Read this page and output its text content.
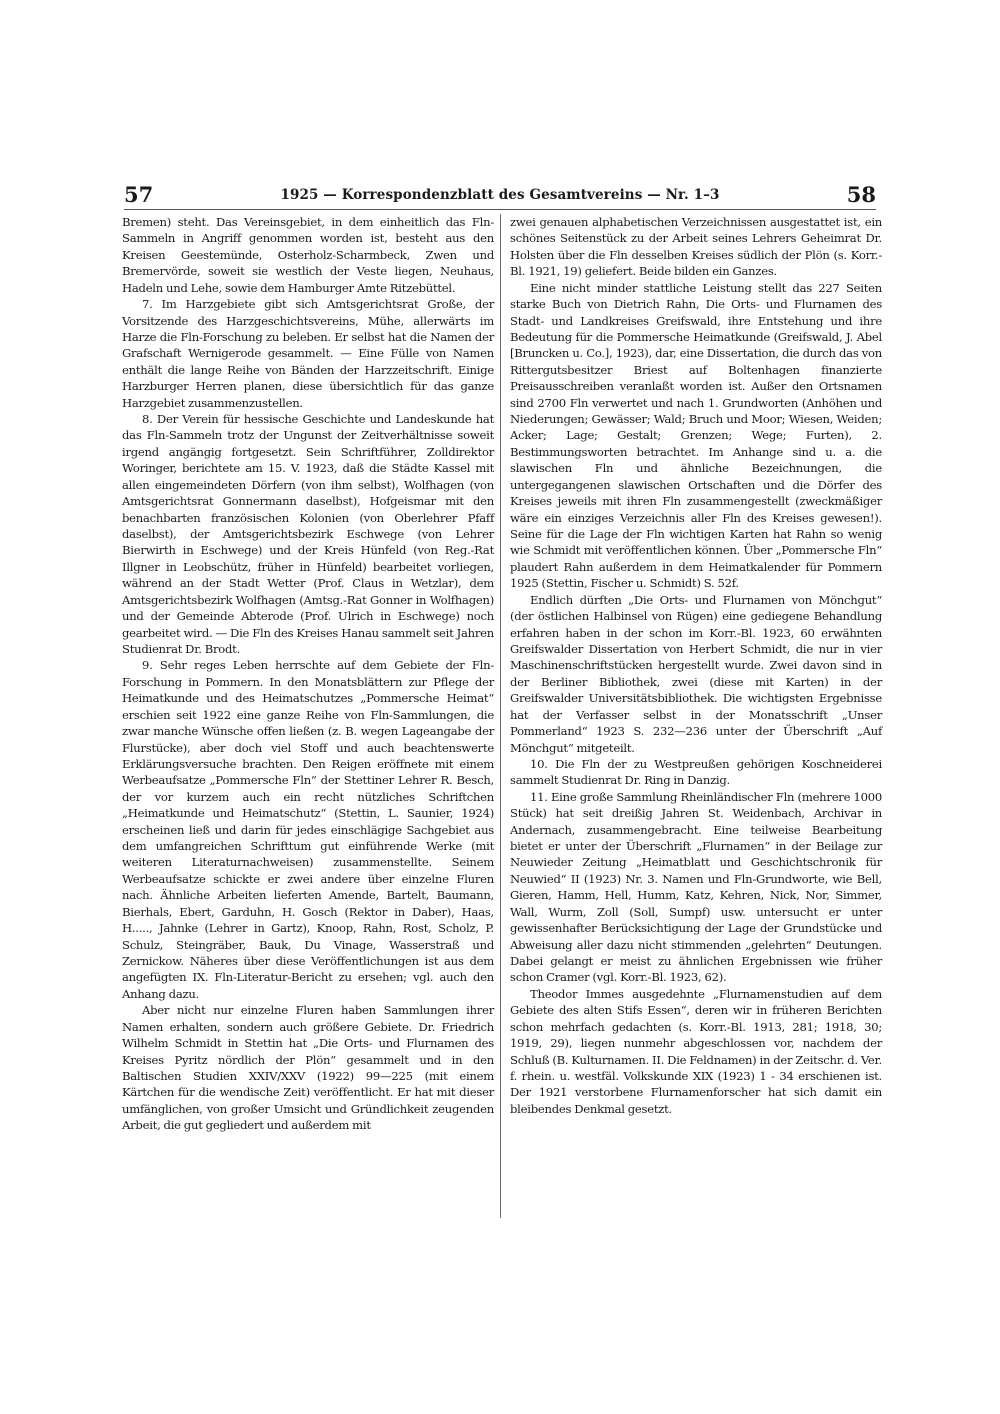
57	1925 — Korrespondenzblatt des Gesamtvereins — Nr. 1–3	58

Bremen) steht. Das Vereinsgebiet, in dem einheitlich das Fln-Sammeln in Angriff genommen worden ist, besteht aus den Kreisen Geestemünde, Osterholz-Scharmbeck, Zwen und Bremervörde, soweit sie westlich der Veste liegen, Neuhaus, Hadeln und Lehe, sowie dem Hamburger Amte Ritzebüttel.

7. Im Harzgebiete gibt sich Amtsgerichtsrat Große, der Vorsitzende des Harzgeschichtsvereins, Mühe, allerwärts im Harze die Fln-Forschung zu beleben. Er selbst hat die Namen der Grafschaft Wernigerode gesammelt. — Eine Fülle von Namen enthält die lange Reihe von Bänden der Harzzeitschrift. Einige Harzburger Herren planen, diese übersichtlich für das ganze Harzgebiet zusammenzustellen.

8. Der Verein für hessische Geschichte und Landeskunde hat das Fln-Sammeln trotz der Ungunst der Zeitverhältnisse soweit irgend angängig fortgesetzt. Sein Schriftführer, Zolldirektor Woringer, berichtete am 15. V. 1923, daß die Städte Kassel mit allen eingemeindeten Dörfern (von ihm selbst), Wolfhagen (von Amtsgerichtsrat Gonnermann daselbst), Hofgeismar mit den benachbarten französischen Kolonien (von Oberlehrer Pfaff daselbst), der Amtsgerichtsbezirk Eschwege (von Lehrer Bierwirth in Eschwege) und der Kreis Hünfeld (von Reg.-Rat Illgner in Leobschütz, früher in Hünfeld) bearbeitet vorliegen, während an der Stadt Wetter (Prof. Claus in Wetzlar), dem Amtsgerichtsbezirk Wolfhagen (Amtsg.-Rat Gonner in Wolfhagen) und der Gemeinde Abterode (Prof. Ulrich in Eschwege) noch gearbeitet wird. — Die Fln des Kreises Hanau sammelt seit Jahren Studienrat Dr. Brodt.

9. Sehr reges Leben herrschte auf dem Gebiete der Fln-Forschung in Pommern. In den Monatsblättern zur Pflege der Heimatkunde und des Heimatschutzes „Pommersche Heimat“ erschien seit 1922 eine ganze Reihe von Fln-Sammlungen, die zwar manche Wünsche offen ließen (z. B. wegen Lageangabe der Flurstücke), aber doch viel Stoff und auch beachtenswerte Erklärungsversuche brachten. Den Reigen eröffnete mit einem Werbeaufsatze „Pommersche Fln“ der Stettiner Lehrer R. Besch, der vor kurzem auch ein recht nützliches Schriftchen „Heimatkunde und Heimatschutz“ (Stettin, L. Saunier, 1924) erscheinen ließ und darin für jedes einschlägige Sachgebiet aus dem umfangreichen Schrifttum gut einführende Werke (mit weiteren Literaturnachweisen) zusammenstellte. Seinem Werbeaufsatze schickte er zwei andere über einzelne Fluren nach. Ähnliche Arbeiten lieferten Amende, Bartelt, Baumann, Bierhals, Ebert, Garduhn, H. Gosch (Rektor in Daber), Haas, H....., Jahnke (Lehrer in Gartz), Knoop, Rahn, Rost, Scholz, P. Schulz, Steingräber, Bauk, Du Vinage, Wasserstraß und Zernickow. Näheres über diese Veröffentlichungen ist aus dem angefügten IX. Fln-Literatur-Bericht zu ersehen; vgl. auch den Anhang dazu.

Aber nicht nur einzelne Fluren haben Sammlungen ihrer Namen erhalten, sondern auch größere Gebiete. Dr. Friedrich Wilhelm Schmidt in Stettin hat „Die Orts- und Flurnamen des Kreises Pyritz nördlich der Plön“ gesammelt und in den Baltischen Studien XXIV/XXV (1922) 99—225 (mit einem Kärtchen für die wendische Zeit) veröffentlicht. Er hat mit dieser umfänglichen, von großer Umsicht und Gründlichkeit zeugenden Arbeit, die gut gegliedert und außerdem mit

zwei genauen alphabetischen Verzeichnissen ausgestattet ist, ein schönes Seitenstück zu der Arbeit seines Lehrers Geheimrat Dr. Holsten über die Fln desselben Kreises südlich der Plön (s. Korr.-Bl. 1921, 19) geliefert. Beide bilden ein Ganzes.

Eine nicht minder stattliche Leistung stellt das 227 Seiten starke Buch von Dietrich Rahn, Die Orts- und Flurnamen des Stadt- und Landkreises Greifswald, ihre Entstehung und ihre Bedeutung für die Pommersche Heimatkunde (Greifswald, J. Abel [Bruncken u. Co.], 1923), dar, eine Dissertation, die durch das von Rittergutsbesitzer Briest auf Boltenhagen finanzierte Preisausschreiben veranlaßt worden ist. Außer den Ortsnamen sind 2700 Fln verwertet und nach 1. Grundworten (Anhöhen und Niederungen; Gewässer; Wald; Bruch und Moor; Wiesen, Weiden; Acker; Lage; Gestalt; Grenzen; Wege; Furten), 2. Bestimmungsworten betrachtet. Im Anhange sind u. a. die slawischen Fln und ähnliche Bezeichnungen, die untergegangenen slawischen Ortschaften und die Dörfer des Kreises jeweils mit ihren Fln zusammengestellt (zweckmäßiger wäre ein einziges Verzeichnis aller Fln des Kreises gewesen!). Seine für die Lage der Fln wichtigen Karten hat Rahn so wenig wie Schmidt mit veröffentlichen können. Über „Pommersche Fln“ plaudert Rahn außerdem in dem Heimatkalender für Pommern 1925 (Stettin, Fischer u. Schmidt) S. 52f.

Endlich dürften „Die Orts- und Flurnamen von Mönchgut“ (der östlichen Halbinsel von Rügen) eine gediegene Behandlung erfahren haben in der schon im Korr.-Bl. 1923, 60 erwähnten Greifswalder Dissertation von Herbert Schmidt, die nur in vier Maschinenschriftstücken hergestellt wurde. Zwei davon sind in der Berliner Bibliothek, zwei (diese mit Karten) in der Greifswalder Universitätsbibliothek. Die wichtigsten Ergebnisse hat der Verfasser selbst in der Monatsschrift „Unser Pommerland“ 1923 S. 232—236 unter der Überschrift „Auf Mönchgut“ mitgeteilt.

10. Die Fln der zu Westpreußen gehörigen Koschneiderei sammelt Studienrat Dr. Ring in Danzig.

11. Eine große Sammlung Rheinländischer Fln (mehrere 1000 Stück) hat seit dreißig Jahren St. Weidenbach, Archivar in Andernach, zusammengebracht. Eine teilweise Bearbeitung bietet er unter der Überschrift „Flurnamen“ in der Beilage zur Neuwieder Zeitung „Heimatblatt und Geschichtschronik für Neuwied“ II (1923) Nr. 3. Namen und Fln-Grundworte, wie Bell, Gieren, Hamm, Hell, Humm, Katz, Kehren, Nick, Nor, Simmer, Wall, Wurm, Zoll (Soll, Sumpf) usw. untersucht er unter gewissenhafter Berücksichtigung der Lage der Grundstücke und Abweisung aller dazu nicht stimmenden „gelehrten“ Deutungen. Dabei gelangt er meist zu ähnlichen Ergebnissen wie früher schon Cramer (vgl. Korr.-Bl. 1923, 62).

Theodor Immes ausgedehnte „Flurnamenstudien auf dem Gebiete des alten Stifs Essen“, deren wir in früheren Berichten schon mehrfach gedachten (s. Korr.-Bl. 1913, 281; 1918, 30; 1919, 29), liegen nunmehr abgeschlossen vor, nachdem der Schluß (B. Kulturnamen. II. Die Feldnamen) in der Zeitschr. d. Ver. f. rhein. u. westfäl. Volkskunde XIX (1923) 1 - 34 erschienen ist. Der 1921 verstorbene Flurnamenforscher hat sich damit ein bleibendes Denkmal gesetzt.
